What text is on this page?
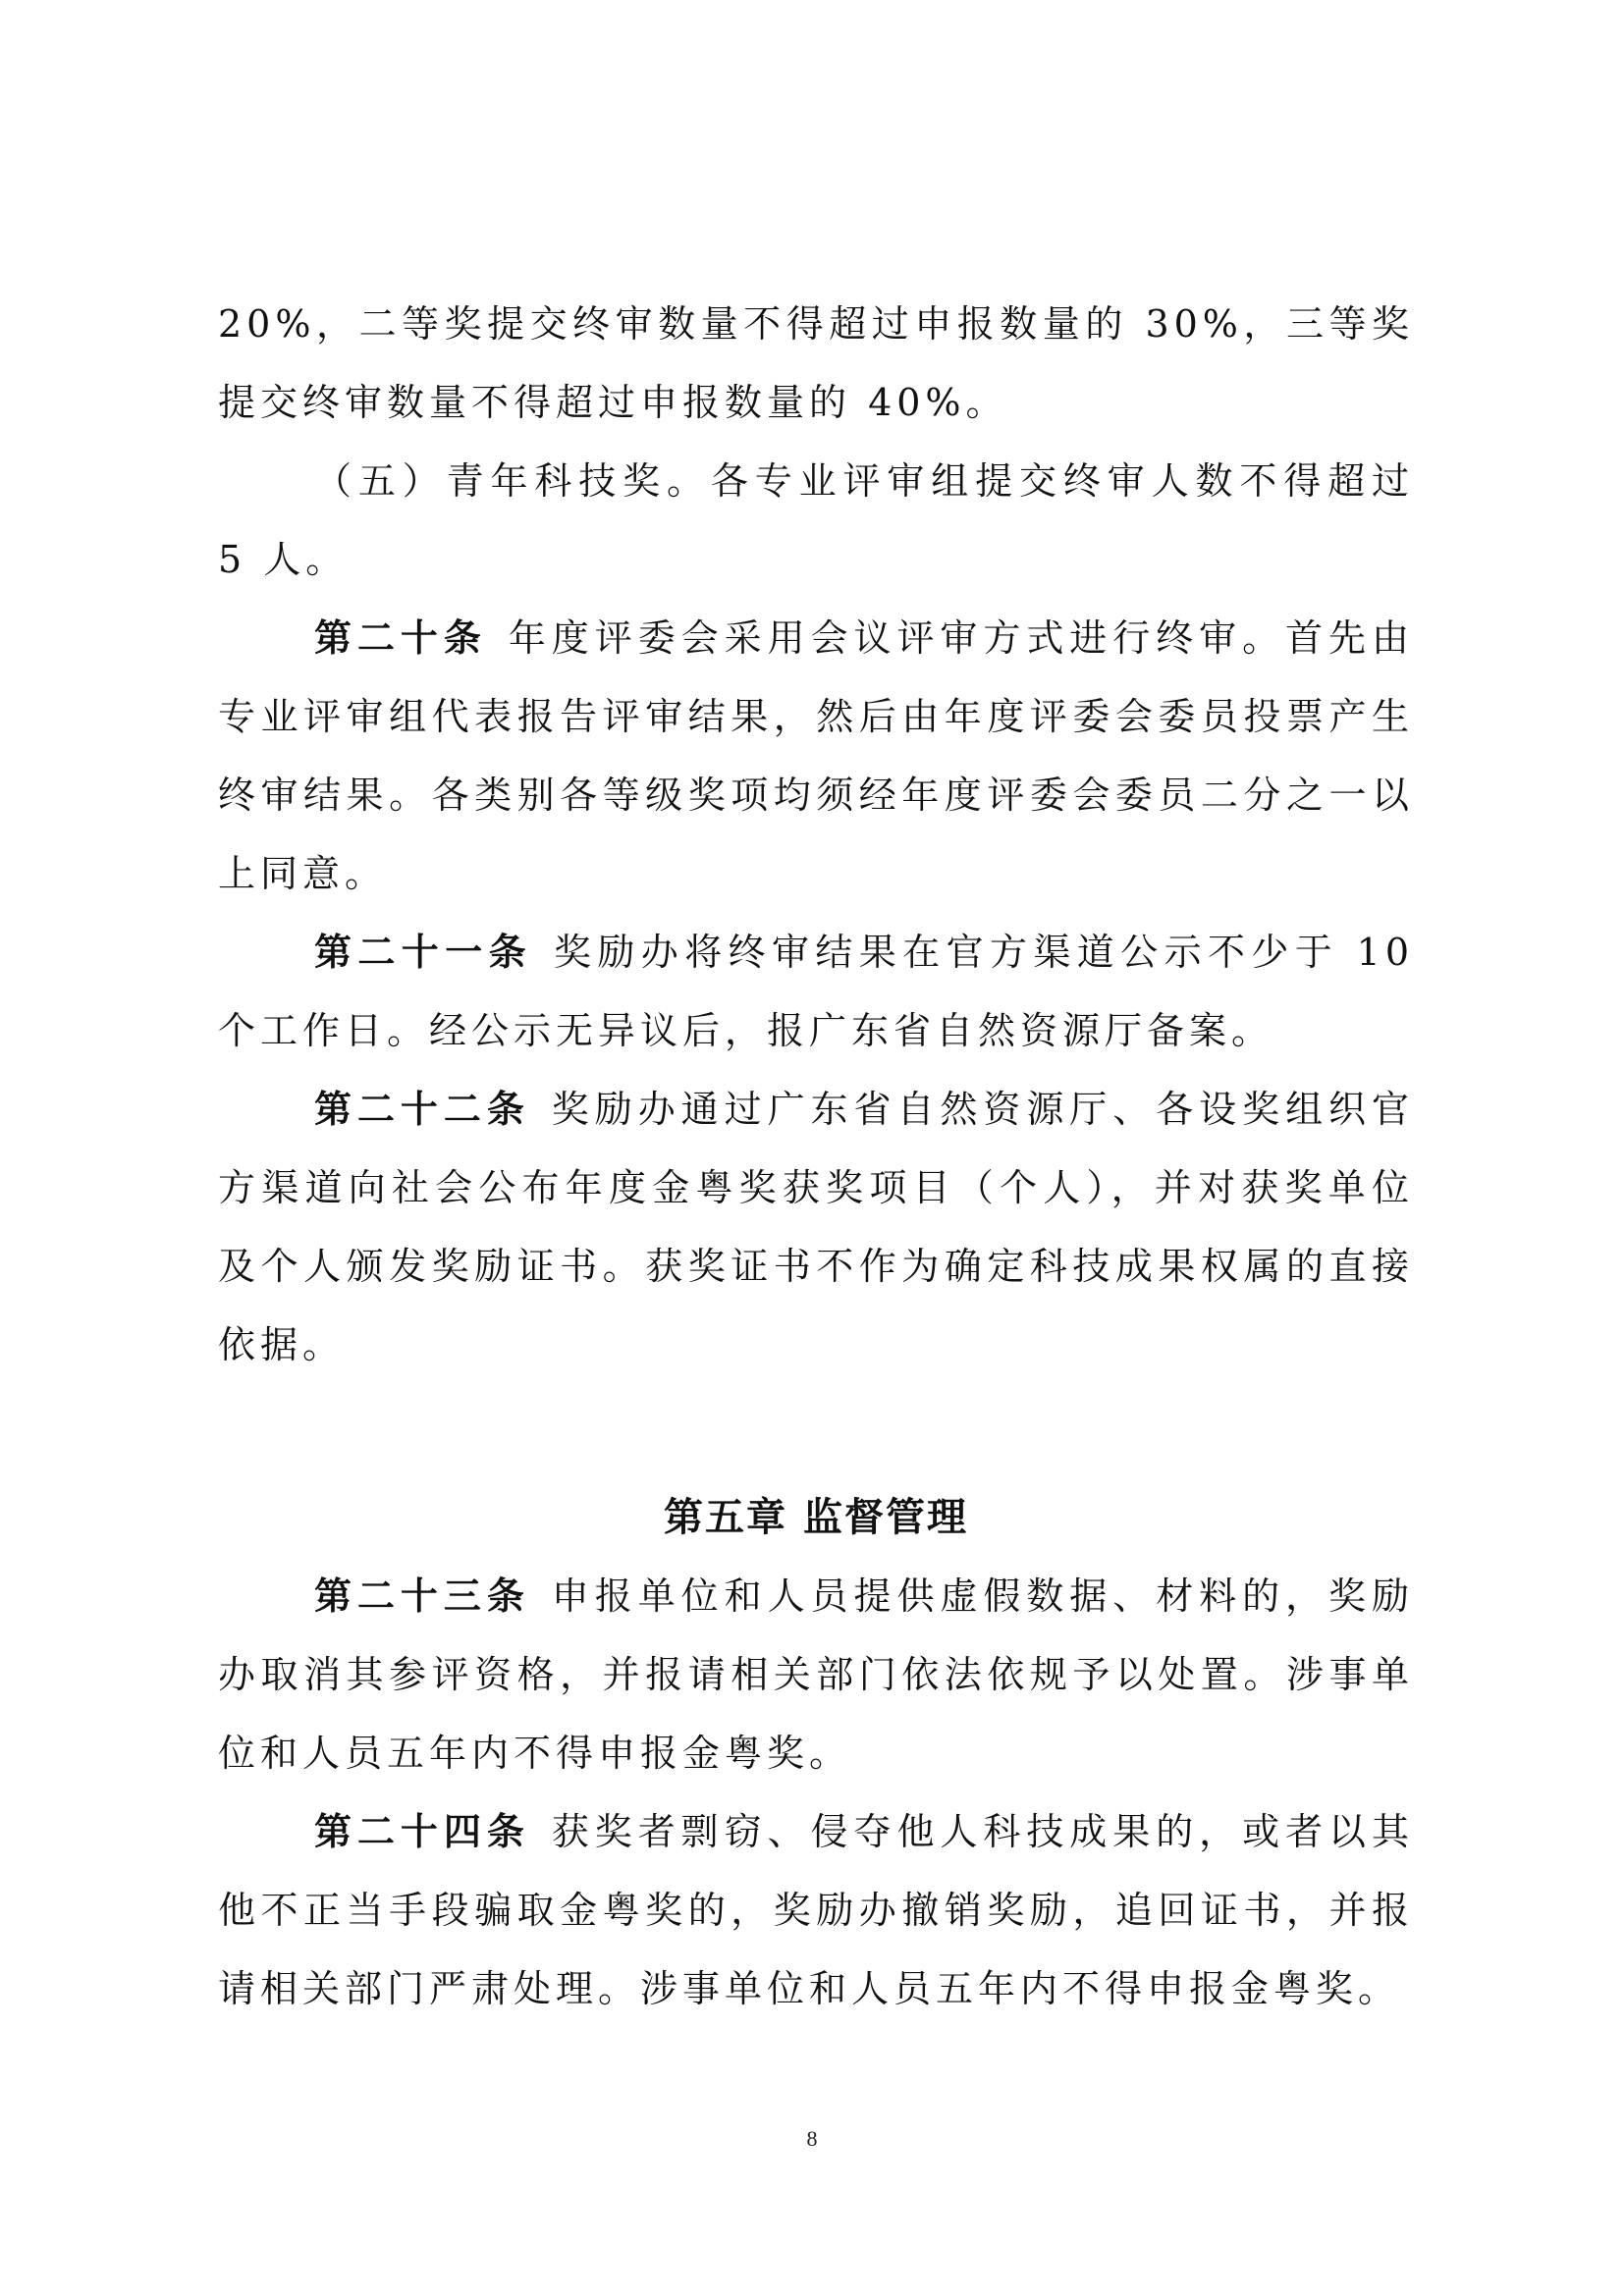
20%，二等奖提交终审数量不得超过申报数量的 30%，三等奖提交终审数量不得超过申报数量的 40%。

（五）青年科技奖。各专业评审组提交终审人数不得超过 5 人。

第二十条 年度评委会采用会议评审方式进行终审。首先由专业评审组代表报告评审结果，然后由年度评委会委员投票产生终审结果。各类别各等级奖项均须经年度评委会委员二分之一以上同意。

第二十一条 奖励办将终审结果在官方渠道公示不少于 10 个工作日。经公示无异议后，报广东省自然资源厅备案。

第二十二条 奖励办通过广东省自然资源厅、各设奖组织官方渠道向社会公布年度金粤奖获奖项目（个人），并对获奖单位及个人颁发奖励证书。获奖证书不作为确定科技成果权属的直接依据。

第五章 监督管理

第二十三条 申报单位和人员提供虚假数据、材料的，奖励办取消其参评资格，并报请相关部门依法依规予以处置。涉事单位和人员五年内不得申报金粤奖。

第二十四条 获奖者剽窃、侵夺他人科技成果的，或者以其他不正当手段骗取金粤奖的，奖励办撤销奖励，追回证书，并报请相关部门严肃处理。涉事单位和人员五年内不得申报金粤奖。

8
